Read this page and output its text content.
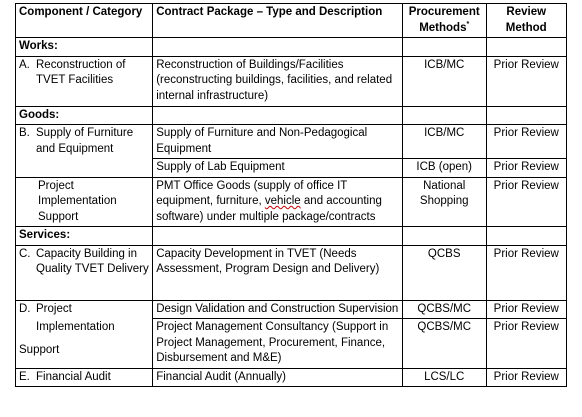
Component / Category	Contract Package – Type and Description	Procurement Methods*	Review Method
Works:			

A. Reconstruction of TVET Facilities	Reconstruction of Buildings/Facilities (reconstructing buildings, facilities, and related internal infrastructure)	ICB/MC	Prior Review
Goods:			

B. Supply of Furniture and Equipment	Supply of Furniture and Non-Pedagogical Equipment	ICB/MC	Prior Review
	Supply of Lab Equipment	ICB (open)	Prior Review
Project Implementation Support	PMT Office Goods (supply of office IT equipment, furniture, vehicle and accounting software) under multiple package/contracts	National Shopping	Prior Review
Services:			

C. Capacity Building in Quality TVET Delivery	Capacity Development in TVET (Needs Assessment, Program Design and Delivery)	QCBS	Prior Review

D. Project
Implementation
Support	Design Validation and Construction Supervision	QCBS/MC	Prior Review
	Project Management Consultancy (Support in Project Management, Procurement, Finance, Disbursement and M&E)	QCBS/MC	Prior Review

E. Financial Audit	Financial Audit (Annually)	LCS/LC	Prior Review
